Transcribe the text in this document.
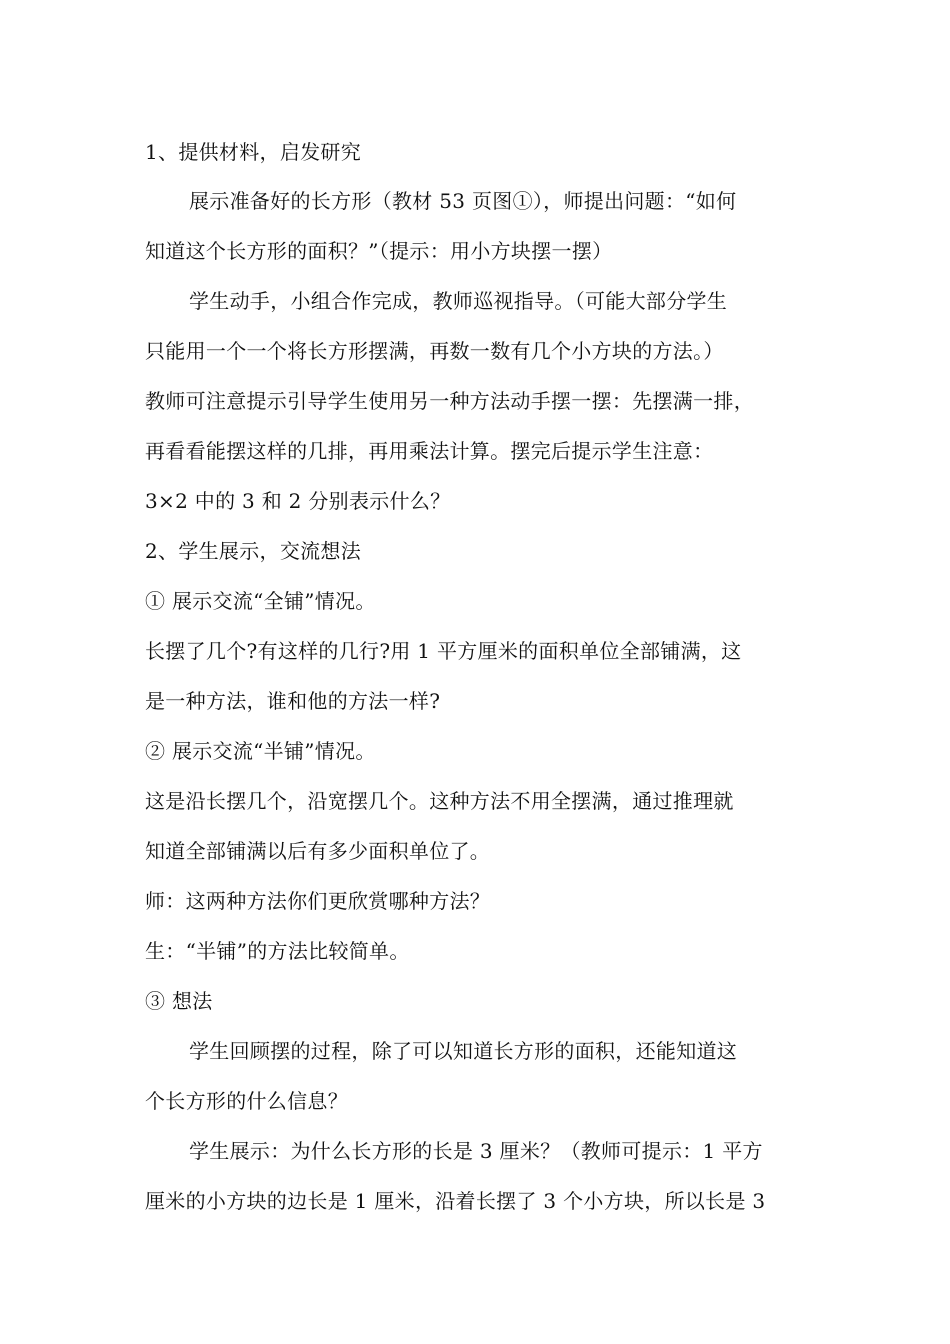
1、提供材料，启发研究
展示准备好的长方形（教材 53 页图①），师提出问题：“如何
知道这个长方形的面积？”（提示：用小方块摆一摆）
学生动手，小组合作完成，教师巡视指导。（可能大部分学生
只能用一个一个将长方形摆满，再数一数有几个小方块的方法。）
教师可注意提示引导学生使用另一种方法动手摆一摆：先摆满一排，
再看看能摆这样的几排，再用乘法计算。摆完后提示学生注意：
3×2 中的 3 和 2 分别表示什么？
2、学生展示，交流想法
① 展示交流“全铺”情况。
长摆了几个?有这样的几行?用 1 平方厘米的面积单位全部铺满，这
是一种方法，谁和他的方法一样?
② 展示交流“半铺”情况。
这是沿长摆几个，沿宽摆几个。这种方法不用全摆满，通过推理就
知道全部铺满以后有多少面积单位了。
师：这两种方法你们更欣赏哪种方法？
生：“半铺”的方法比较简单。
③ 想法
学生回顾摆的过程，除了可以知道长方形的面积，还能知道这
个长方形的什么信息？
学生展示：为什么长方形的长是 3 厘米？（教师可提示：1 平方
厘米的小方块的边长是 1 厘米，沿着长摆了 3 个小方块，所以长是 3
